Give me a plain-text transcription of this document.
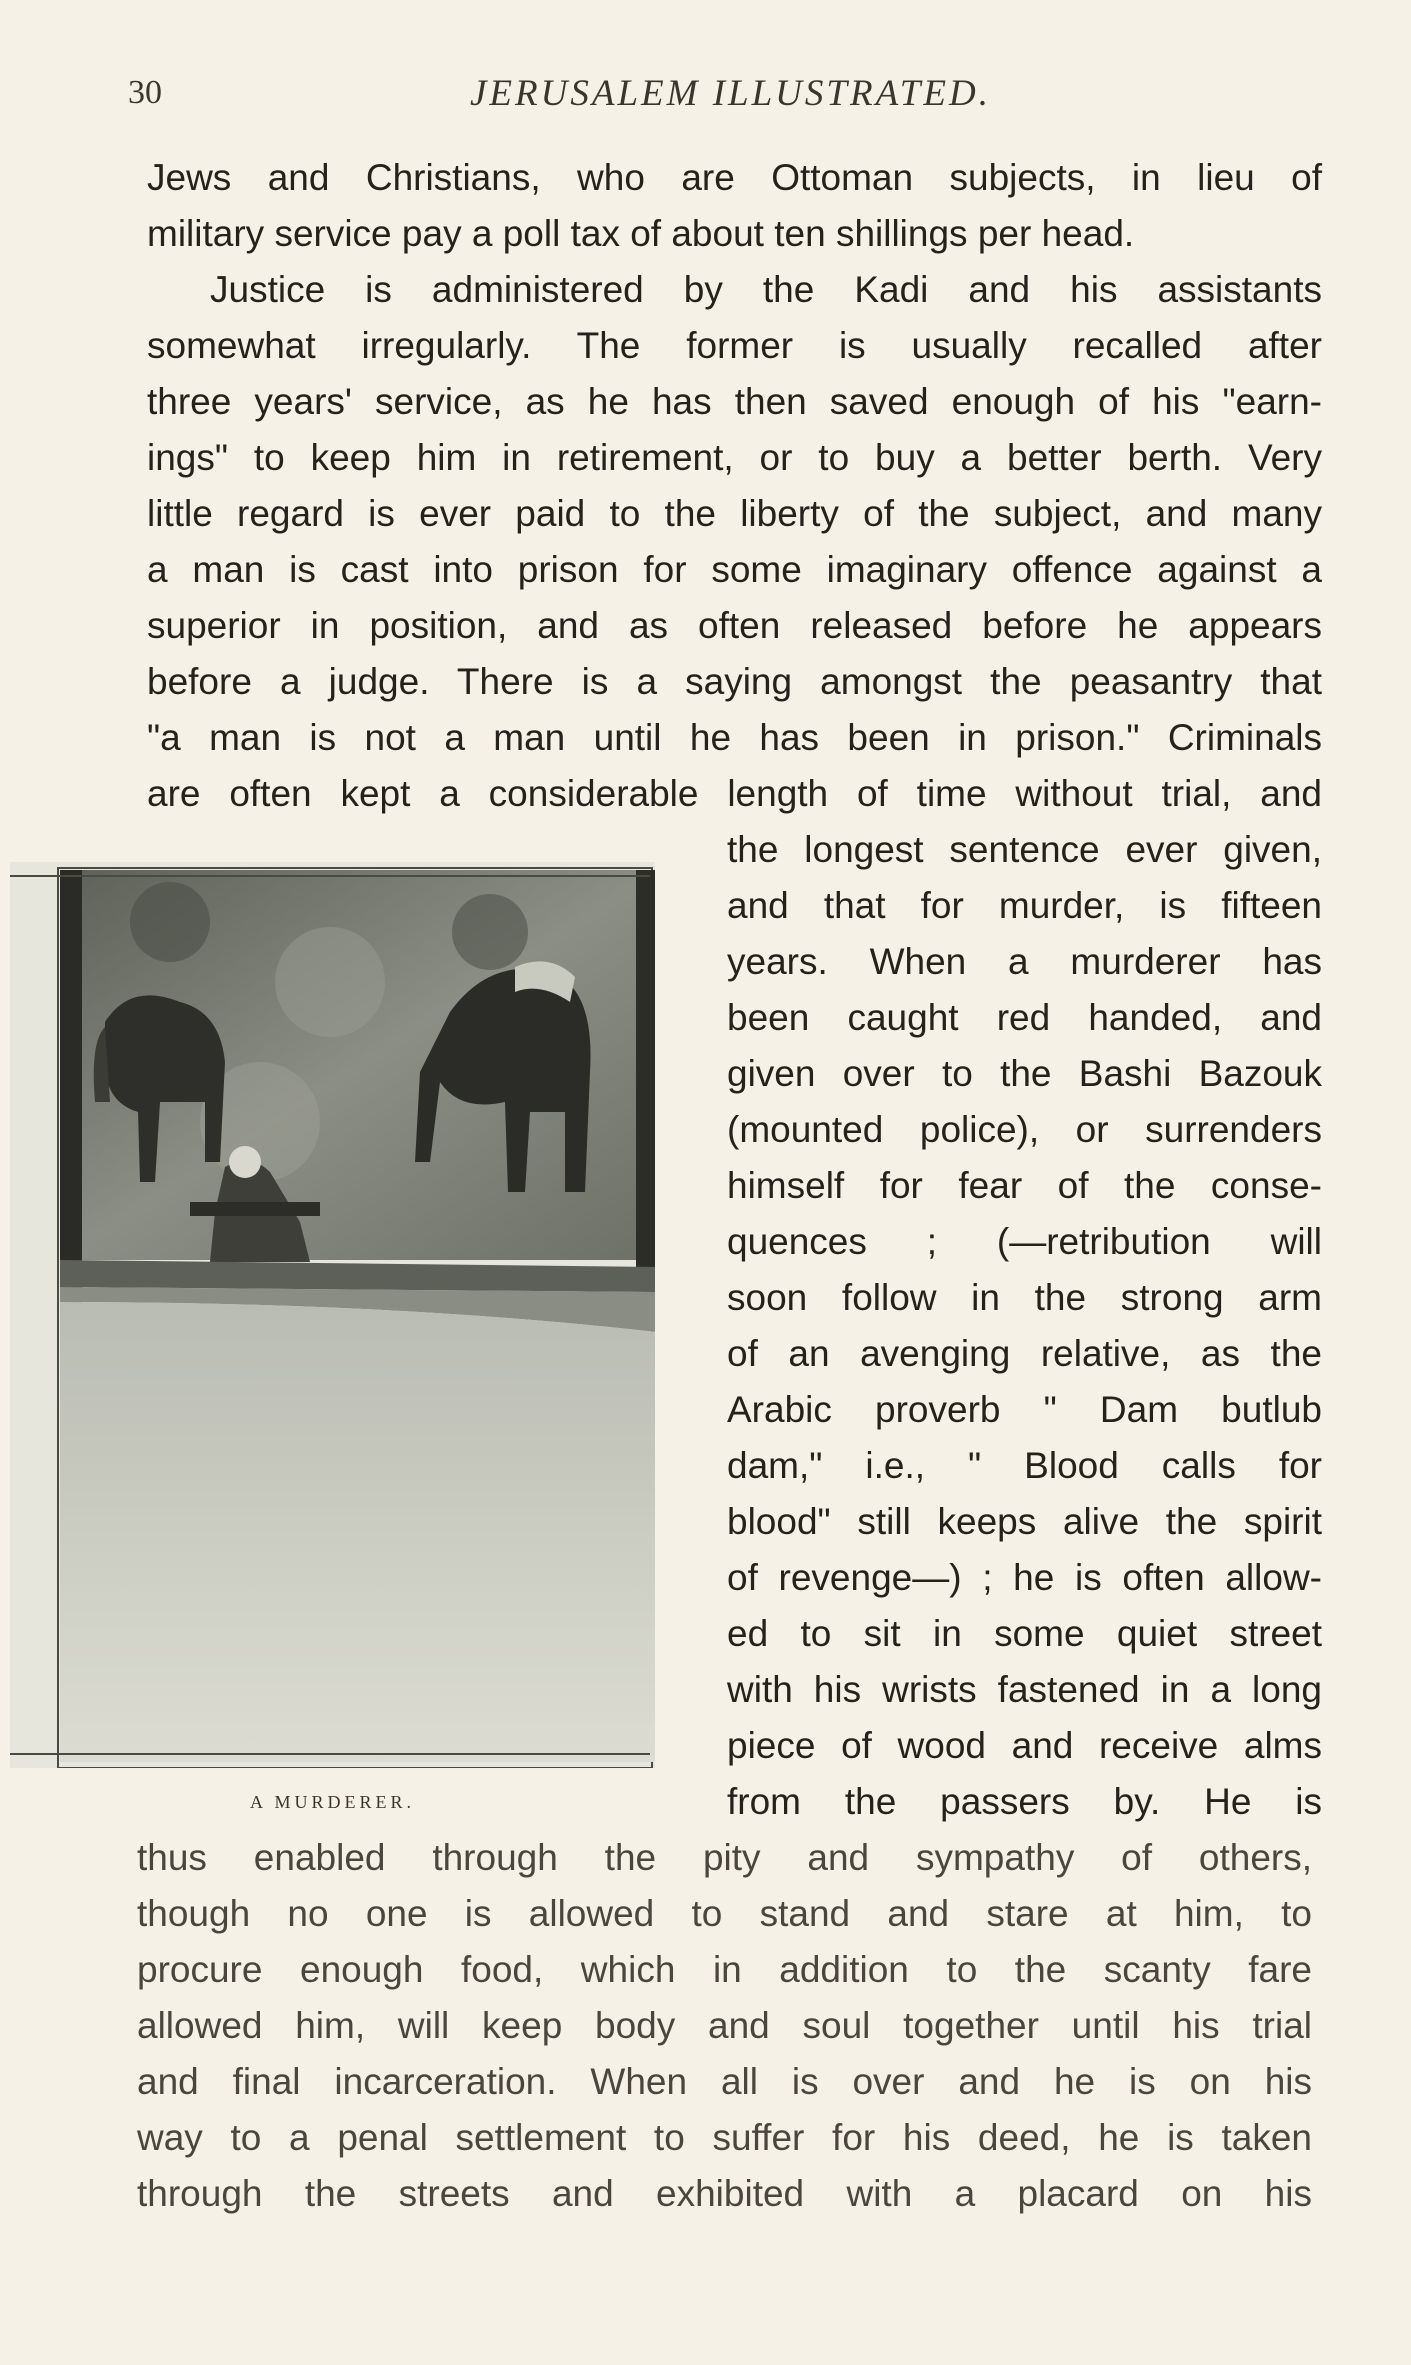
30	JERUSALEM ILLUSTRATED.
Jews and Christians, who are Ottoman subjects, in lieu of
military service pay a poll tax of about ten shillings per head.
Justice is administered by the Kadi and his assistants
somewhat irregularly. The former is usually recalled after
three years' service, as he has then saved enough of his "earn-
ings" to keep him in retirement, or to buy a better berth. Very
little regard is ever paid to the liberty of the subject, and many
a man is cast into prison for some imaginary offence against a
superior in position, and as often released before he appears
before a judge. There is a saying amongst the peasantry that
"a man is not a man until he has been in prison." Criminals
are often kept a considerable length of time without trial, and
A MURDERER.
the longest sentence ever given,
and that for murder, is fifteen
years. When a murderer has
been caught red handed, and
given over to the Bashi Bazouk
(mounted police), or surrenders
himself for fear of the conse-
quences ; (—retribution will
soon follow in the strong arm
of an avenging relative, as the
Arabic proverb " Dam butlub
dam," i.e., " Blood calls for
blood" still keeps alive the spirit
of revenge—) ; he is often allow-
ed to sit in some quiet street
with his wrists fastened in a long
piece of wood and receive alms
from the passers by. He is
thus enabled through the pity and sympathy of others,
though no one is allowed to stand and stare at him, to
procure enough food, which in addition to the scanty fare
allowed him, will keep body and soul together until his trial
and final incarceration. When all is over and he is on his
way to a penal settlement to suffer for his deed, he is taken
through the streets and exhibited with a placard on his
